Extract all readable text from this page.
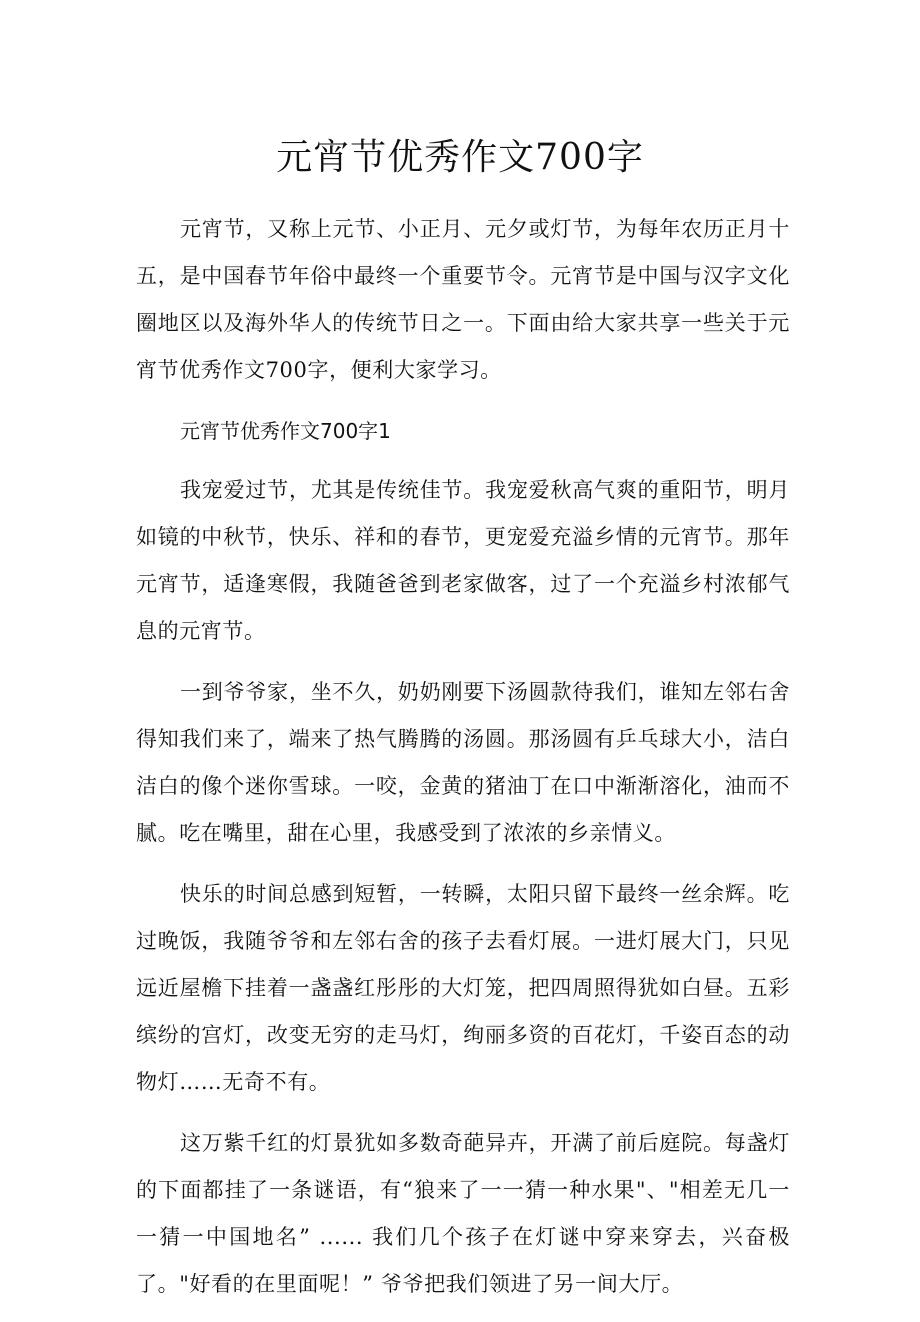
元宵节优秀作文700字

元宵节，又称上元节、小正月、元夕或灯节，为每年农历正月十五，是中国春节年俗中最终一个重要节令。元宵节是中国与汉字文化圈地区以及海外华人的传统节日之一。下面由给大家共享一些关于元宵节优秀作文700字，便利大家学习。

元宵节优秀作文700字1

我宠爱过节，尤其是传统佳节。我宠爱秋高气爽的重阳节，明月如镜的中秋节，快乐、祥和的春节，更宠爱充溢乡情的元宵节。那年元宵节，适逢寒假，我随爸爸到老家做客，过了一个充溢乡村浓郁气息的元宵节。

一到爷爷家，坐不久，奶奶刚要下汤圆款待我们，谁知左邻右舍得知我们来了，端来了热气腾腾的汤圆。那汤圆有乒乓球大小，洁白洁白的像个迷你雪球。一咬，金黄的猪油丁在口中渐渐溶化，油而不腻。吃在嘴里，甜在心里，我感受到了浓浓的乡亲情义。

快乐的时间总感到短暂，一转瞬，太阳只留下最终一丝余辉。吃过晚饭，我随爷爷和左邻右舍的孩子去看灯展。一进灯展大门，只见远近屋檐下挂着一盏盏红彤彤的大灯笼，把四周照得犹如白昼。五彩缤纷的宫灯，改变无穷的走马灯，绚丽多资的百花灯，千姿百态的动物灯……无奇不有。

这万紫千红的灯景犹如多数奇葩异卉，开满了前后庭院。每盏灯的下面都挂了一条谜语，有“狼来了一一猜一种水果"、"相差无几一一猜一中国地名” ...... 我们几个孩子在灯谜中穿来穿去，兴奋极了。"好看的在里面呢！” 爷爷把我们领进了另一间大厅。
